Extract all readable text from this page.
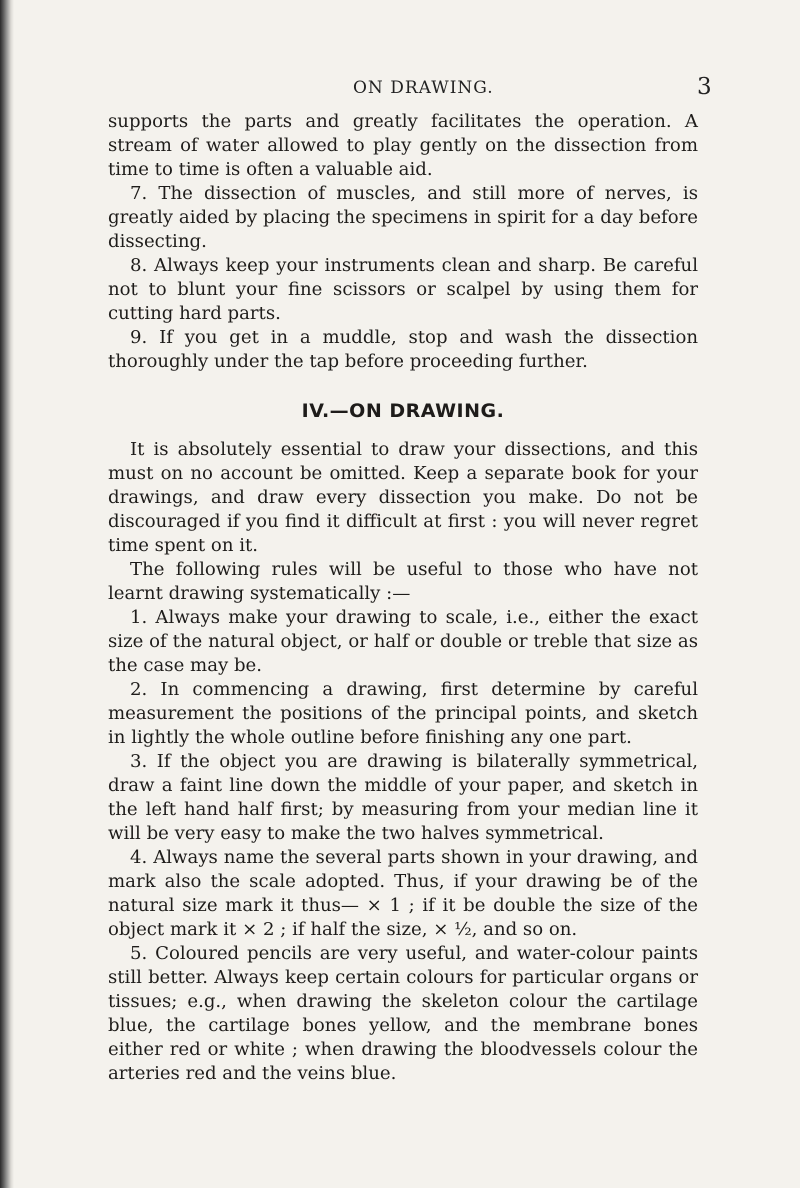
ON DRAWING.	3

supports the parts and greatly facilitates the operation. A stream of water allowed to play gently on the dissection from time to time is often a valuable aid.

7. The dissection of muscles, and still more of nerves, is greatly aided by placing the specimens in spirit for a day before dissecting.

8. Always keep your instruments clean and sharp. Be careful not to blunt your fine scissors or scalpel by using them for cutting hard parts.

9. If you get in a muddle, stop and wash the dissection thoroughly under the tap before proceeding further.

IV.—ON DRAWING.

It is absolutely essential to draw your dissections, and this must on no account be omitted. Keep a separate book for your drawings, and draw every dissection you make. Do not be discouraged if you find it difficult at first : you will never regret time spent on it.

The following rules will be useful to those who have not learnt drawing systematically :—

1. Always make your drawing to scale, i.e., either the exact size of the natural object, or half or double or treble that size as the case may be.

2. In commencing a drawing, first determine by careful measurement the positions of the principal points, and sketch in lightly the whole outline before finishing any one part.

3. If the object you are drawing is bilaterally symmetrical, draw a faint line down the middle of your paper, and sketch in the left hand half first; by measuring from your median line it will be very easy to make the two halves symmetrical.

4. Always name the several parts shown in your drawing, and mark also the scale adopted. Thus, if your drawing be of the natural size mark it thus— × 1 ; if it be double the size of the object mark it × 2 ; if half the size, × ½, and so on.

5. Coloured pencils are very useful, and water-colour paints still better. Always keep certain colours for particular organs or tissues; e.g., when drawing the skeleton colour the cartilage blue, the cartilage bones yellow, and the membrane bones either red or white ; when drawing the bloodvessels colour the arteries red and the veins blue.
